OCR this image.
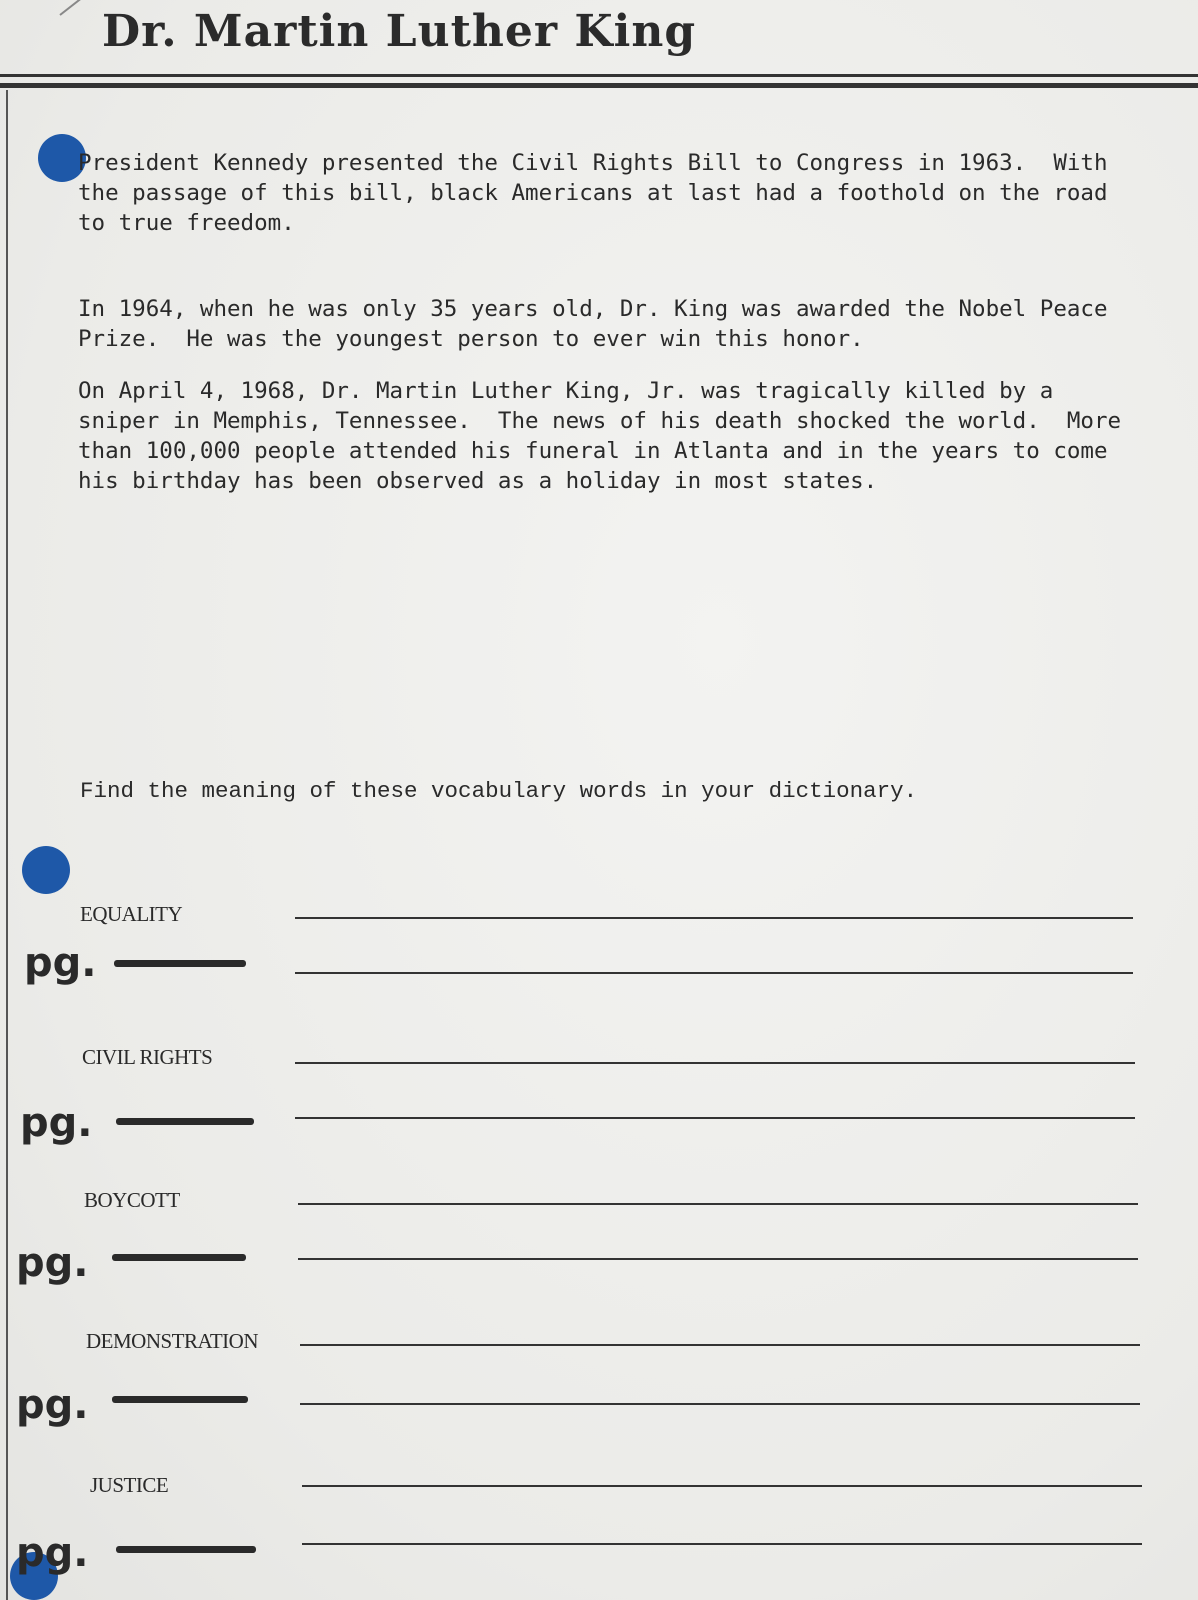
Dr. Martin Luther King
President Kennedy presented the Civil Rights Bill to Congress in 1963.  With
the passage of this bill, black Americans at last had a foothold on the road
to true freedom.
In 1964, when he was only 35 years old, Dr. King was awarded the Nobel Peace
Prize.  He was the youngest person to ever win this honor.
On April 4, 1968, Dr. Martin Luther King, Jr. was tragically killed by a
sniper in Memphis, Tennessee.  The news of his death shocked the world.  More
than 100,000 people attended his funeral in Atlanta and in the years to come
his birthday has been observed as a holiday in most states.
Find the meaning of these vocabulary words in your dictionary.
EQUALITY
pg.
CIVIL RIGHTS
pg.
BOYCOTT
pg.
DEMONSTRATION
pg.
JUSTICE
pg.
